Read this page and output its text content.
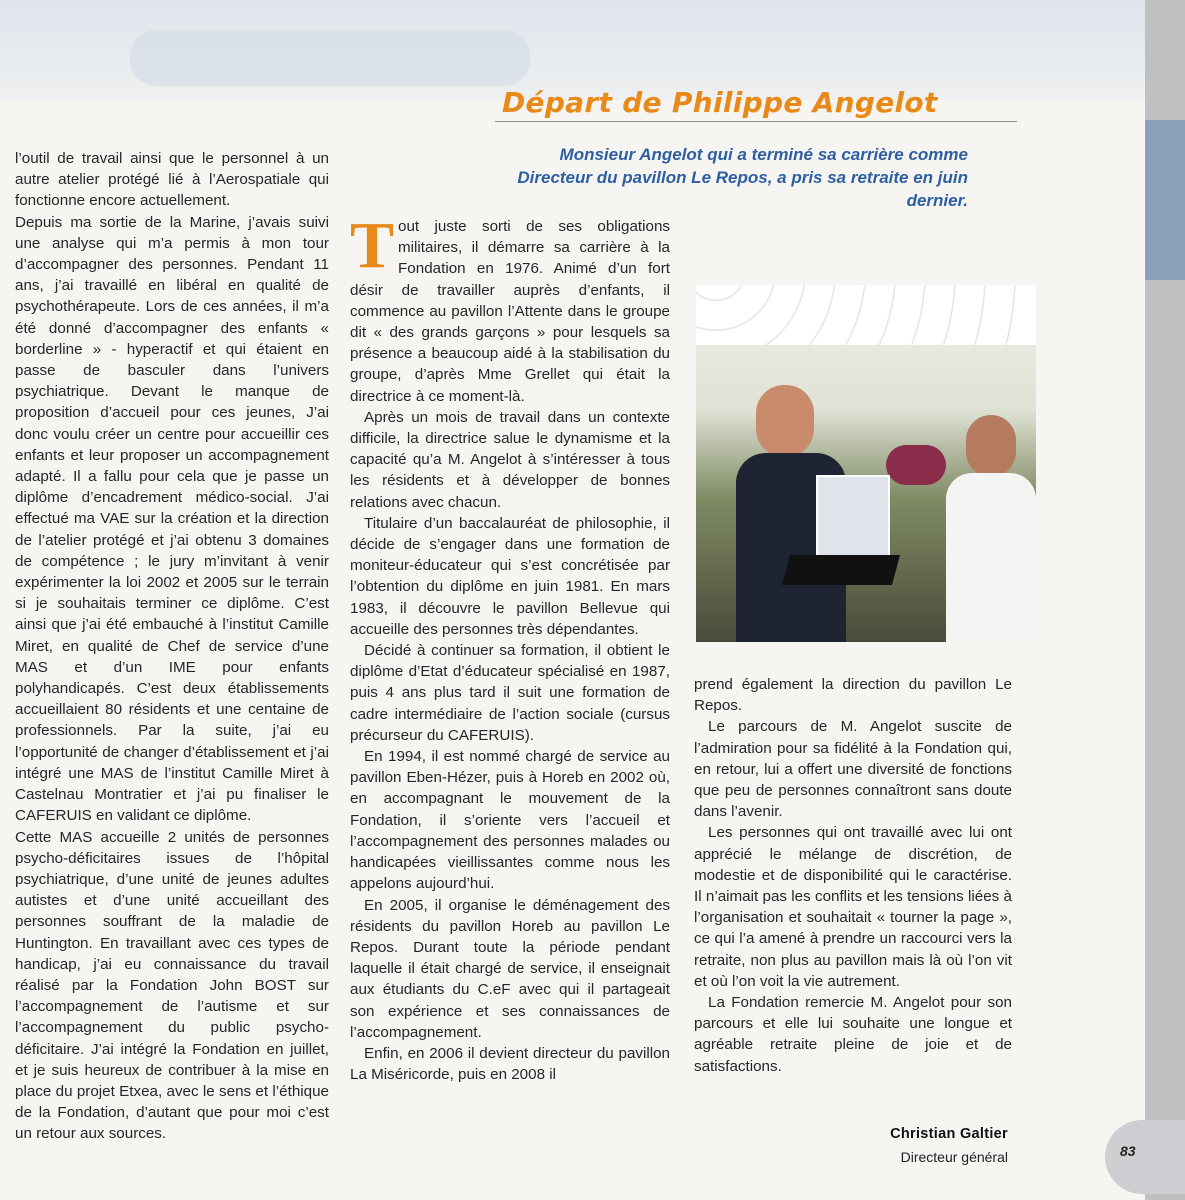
83
Départ de Philippe Angelot
Monsieur Angelot qui a terminé sa carrière comme Directeur du pavillon Le Repos, a pris sa retraite en juin dernier.

l’outil de travail ainsi que le personnel à un autre atelier protégé lié à l’Aerospatiale qui fonctionne encore actuellement.

Depuis ma sortie de la Marine, j’avais suivi une analyse qui m’a permis à mon tour d’accompagner des personnes. Pendant 11 ans, j’ai travaillé en libéral en qualité de psychothérapeute. Lors de ces années, il m’a été donné d’accompagner des enfants « borderline » - hyperactif et qui étaient en passe de basculer dans l’univers psychiatrique. Devant le manque de proposition d’accueil pour ces jeunes, J’ai donc voulu créer un centre pour accueillir ces enfants et leur proposer un accompagnement adapté. Il a fallu pour cela que je passe un diplôme d’encadrement médico-social. J’ai effectué ma VAE sur la création et la direction de l’atelier protégé et j’ai obtenu 3 domaines de compétence ; le jury m’invitant à venir expérimenter la loi 2002 et 2005 sur le terrain si je souhaitais terminer ce diplôme. C’est ainsi que j’ai été embauché à l’institut Camille Miret, en qualité de Chef de service d’une MAS et d’un IME pour enfants polyhandicapés. C’est deux établissements accueillaient 80 résidents et une centaine de professionnels. Par la suite, j’ai eu l’opportunité de changer d’établissement et j’ai intégré une MAS de l’institut Camille Miret à Castelnau Montratier et j’ai pu finaliser le CAFERUIS en validant ce diplôme.

Cette MAS accueille 2 unités de personnes psycho-déficitaires issues de l’hôpital psychiatrique, d’une unité de jeunes adultes autistes et d’une unité accueillant des personnes souffrant de la maladie de Huntington. En travaillant avec ces types de handicap, j’ai eu connaissance du travail réalisé par la Fondation John BOST sur l’accompagnement de l’autisme et sur l’accompagnement du public psycho-déficitaire. J’ai intégré la Fondation en juillet, et je suis heureux de contribuer à la mise en place du projet Etxea, avec le sens et l’éthique de la Fondation, d’autant que pour moi c’est un retour aux sources.

Tout juste sorti de ses obligations militaires, il démarre sa carrière à la Fondation en 1976. Animé d’un fort désir de travailler auprès d’enfants, il commence au pavillon l’Attente dans le groupe dit « des grands garçons » pour lesquels sa présence a beaucoup aidé à la stabilisation du groupe, d’après Mme Grellet qui était la directrice à ce moment-là.

Après un mois de travail dans un contexte difficile, la directrice salue le dynamisme et la capacité qu’a M. Angelot à s’intéresser à tous les résidents et à développer de bonnes relations avec chacun.

Titulaire d’un baccalauréat de philosophie, il décide de s’engager dans une formation de moniteur-éducateur qui s’est concrétisée par l’obtention du diplôme en juin 1981. En mars 1983, il découvre le pavillon Bellevue qui accueille des personnes très dépendantes.

Décidé à continuer sa formation, il obtient le diplôme d’Etat d’éducateur spécialisé en 1987, puis 4 ans plus tard il suit une formation de cadre intermédiaire de l’action sociale (cursus précurseur du CAFERUIS).

En 1994, il est nommé chargé de service au pavillon Eben-Hézer, puis à Horeb en 2002 où, en accompagnant le mouvement de la Fondation, il s’oriente vers l’accueil et l’accompagnement des personnes malades ou handicapées vieillissantes comme nous les appelons aujourd’hui.

En 2005, il organise le déménagement des résidents du pavillon Horeb au pavillon Le Repos. Durant toute la période pendant laquelle il était chargé de service, il enseignait aux étudiants du C.eF avec qui il partageait son expérience et ses connaissances de l’accompagnement.

Enfin, en 2006 il devient directeur du pavillon La Miséricorde, puis en 2008 il

prend également la direction du pavillon Le Repos.

Le parcours de M. Angelot suscite de l’admiration pour sa fidélité à la Fondation qui, en retour, lui a offert une diversité de fonctions que peu de personnes connaîtront sans doute dans l’avenir.

Les personnes qui ont travaillé avec lui ont apprécié le mélange de discrétion, de modestie et de disponibilité qui le caractérise. Il n’aimait pas les conflits et les tensions liées à l’organisation et souhaitait « tourner la page », ce qui l’a amené à prendre un raccourci vers la retraite, non plus au pavillon mais là où l’on vit et où l’on voit la vie autrement.

La Fondation remercie M. Angelot pour son parcours et elle lui souhaite une longue et agréable retraite pleine de joie et de satisfactions.

Christian Galtier
Directeur général
